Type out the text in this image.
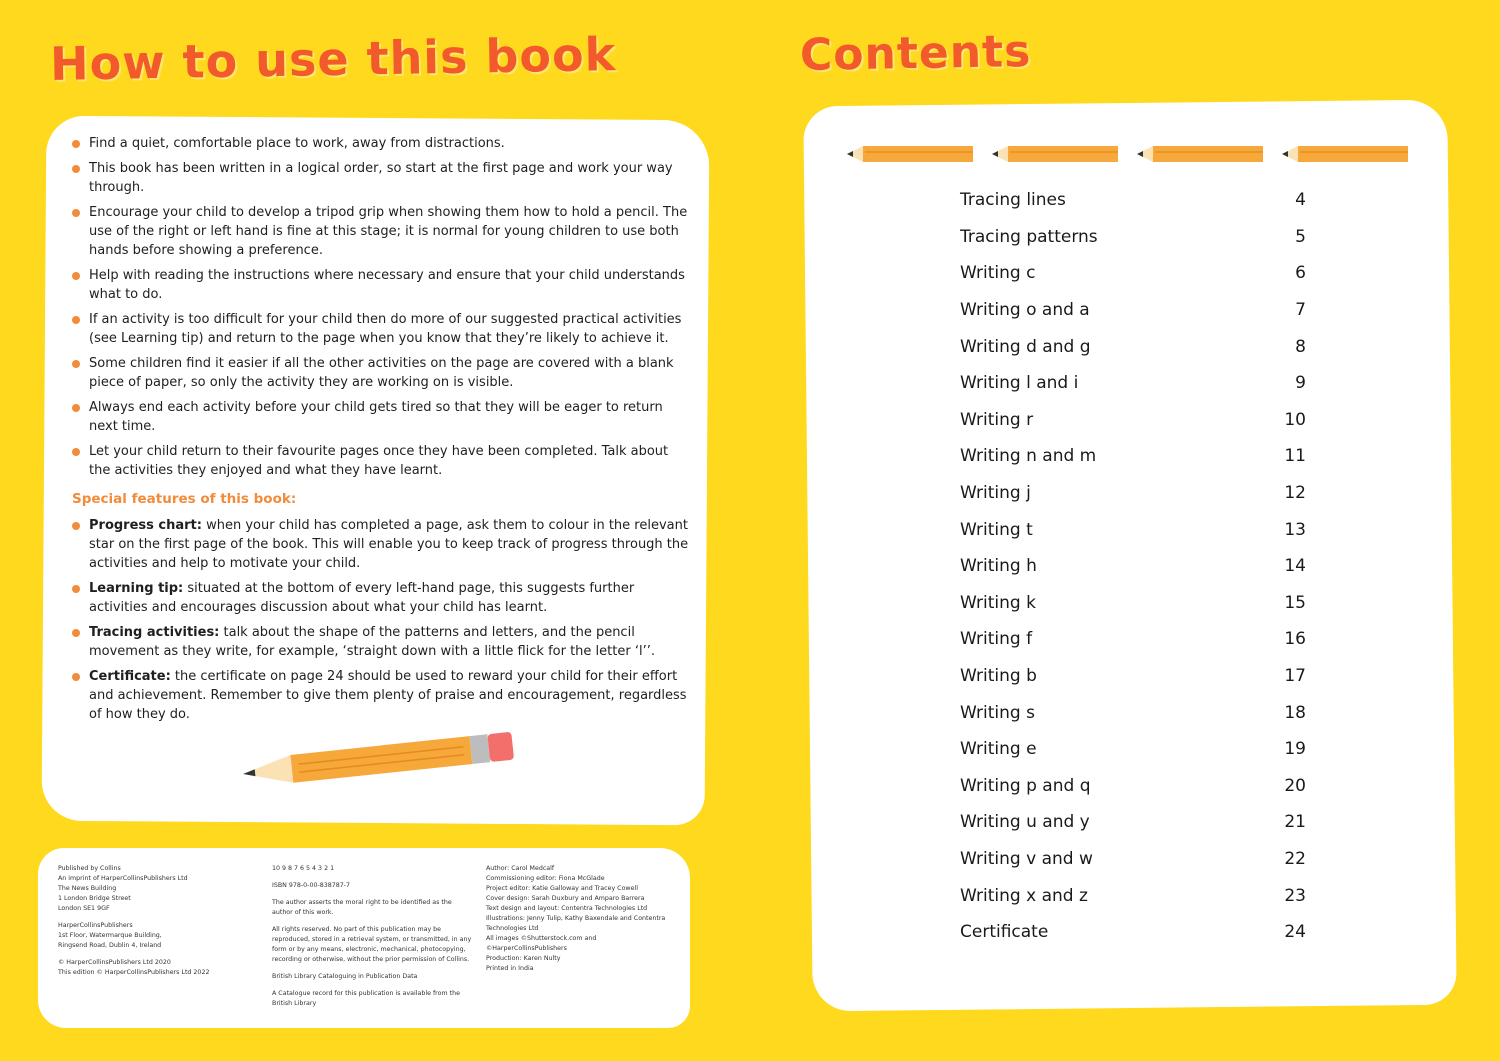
How to use this book	Contents
Find a quiet, comfortable place to work, away from distractions.
This book has been written in a logical order, so start at the first page and work your way through.
Encourage your child to develop a tripod grip when showing them how to hold a pencil. The use of the right or left hand is fine at this stage; it is normal for young children to use both hands before showing a preference.
Help with reading the instructions where necessary and ensure that your child understands what to do.
If an activity is too difficult for your child then do more of our suggested practical activities (see Learning tip) and return to the page when you know that they’re likely to achieve it.
Some children find it easier if all the other activities on the page are covered with a blank piece of paper, so only the activity they are working on is visible.
Always end each activity before your child gets tired so that they will be eager to return next time.
Let your child return to their favourite pages once they have been completed. Talk about the activities they enjoyed and what they have learnt.
Special features of this book:
Progress chart: when your child has completed a page, ask them to colour in the relevant star on the first page of the book. This will enable you to keep track of progress through the activities and help to motivate your child.
Learning tip: situated at the bottom of every left-hand page, this suggests further activities and encourages discussion about what your child has learnt.
Tracing activities: talk about the shape of the patterns and letters, and the pencil movement as they write, for example, ‘straight down with a little flick for the letter ‘l’’.
Certificate: the certificate on page 24 should be used to reward your child for their effort and achievement. Remember to give them plenty of praise and encouragement, regardless of how they do.

Published by Collins
An imprint of HarperCollinsPublishers Ltd
The News Building
1 London Bridge Street
London SE1 9GF

HarperCollinsPublishers
1st Floor, Watermarque Building,
Ringsend Road, Dublin 4, Ireland

© HarperCollinsPublishers Ltd 2020
This edition © HarperCollinsPublishers Ltd 2022

10 9 8 7 6 5 4 3 2 1

ISBN 978-0-00-838787-7

The author asserts the moral right to be identified as the author of this work.

All rights reserved. No part of this publication may be reproduced, stored in a retrieval system, or transmitted, in any form or by any means, electronic, mechanical, photocopying, recording or otherwise, without the prior permission of Collins.

British Library Cataloguing in Publication Data

A Catalogue record for this publication is available from the British Library

Author: Carol Medcalf
Commissioning editor: Fiona McGlade
Project editor: Katie Galloway and Tracey Cowell
Cover design: Sarah Duxbury and Amparo Barrera
Text design and layout: Contentra Technologies Ltd
Illustrations: Jenny Tulip, Kathy Baxendale and Contentra Technologies Ltd
All images ©Shutterstock.com and ©HarperCollinsPublishers
Production: Karen Nulty
Printed in India

Tracing lines	4
Tracing patterns	5
Writing c	6
Writing o and a	7
Writing d and g	8
Writing l and i	9
Writing r	10
Writing n and m	11
Writing j	12
Writing t	13
Writing h	14
Writing k	15
Writing f	16
Writing b	17
Writing s	18
Writing e	19
Writing p and q	20
Writing u and y	21
Writing v and w	22
Writing x and z	23
Certificate	24
